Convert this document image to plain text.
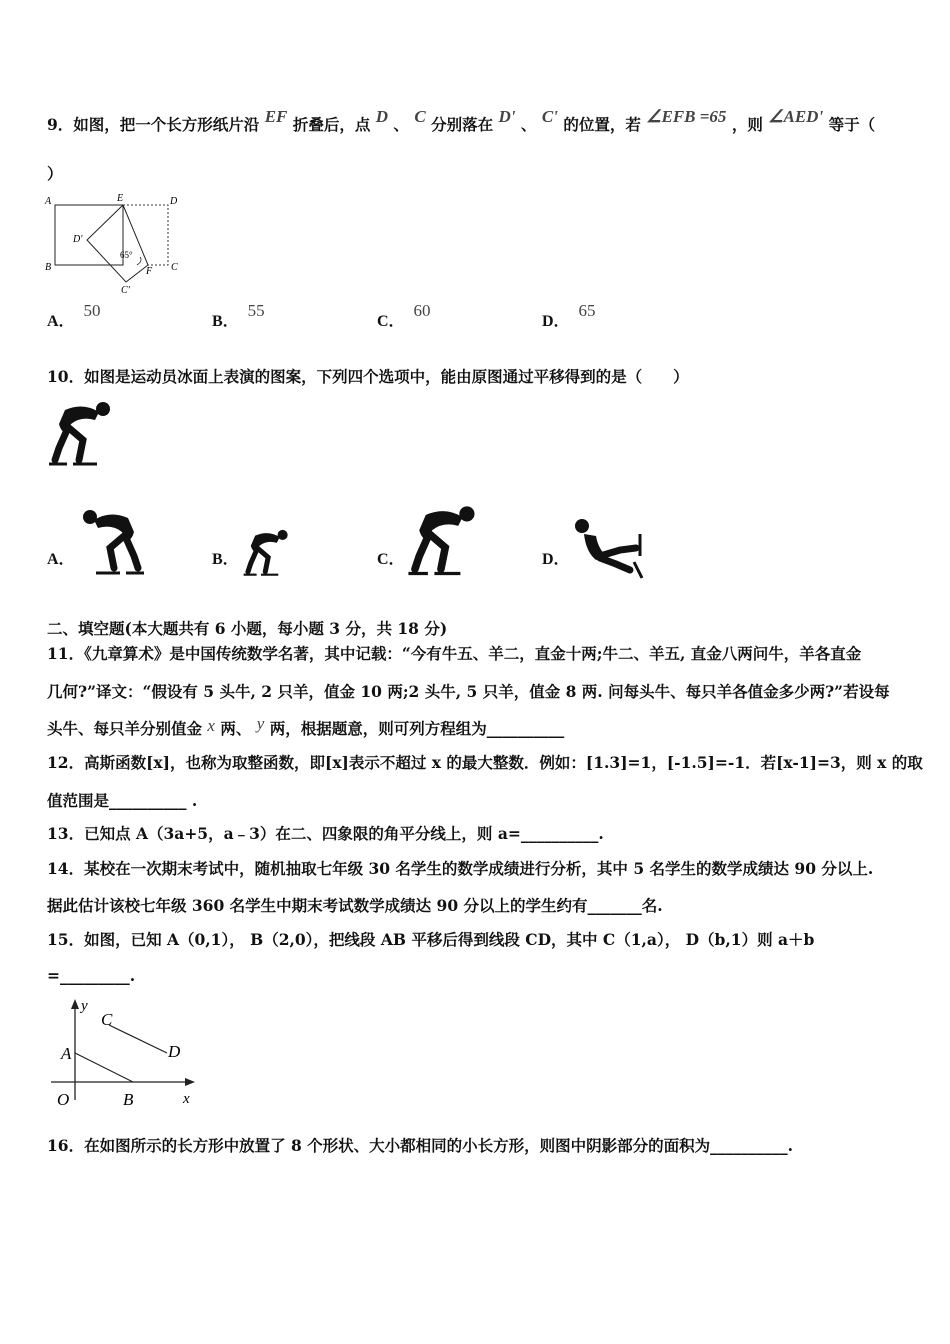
9．如图，把一个长方形纸片沿 EF 折叠后，点 D 、 C 分别落在 D' 、 C' 的位置，若 ∠EFB =65 ，则 ∠AED' 等于（
）
A	E	D
D'
B	F C
C'
65°
A． 50
B． 55
C． 60
D． 65
10．如图是运动员冰面上表演的图案，下列四个选项中，能由原图通过平移得到的是（　　）
A．	B．	C．	D．
二、填空题(本大题共有 6 小题，每小题 3 分，共 18 分)
11．《九章算术》是中国传统数学名著，其中记载：“今有牛五、羊二，直金十两;牛二、羊五, 直金八两问牛，羊各直金
几何?”译文：“假设有 5 头牛, 2 只羊，值金 10 两;2 头牛, 5 只羊，值金 8 两. 问每头牛、每只羊各值金多少两?”若设每
头牛、每只羊分别值金 x 两、 y 两，根据题意，则可列方程组为__________
12．高斯函数[x]，也称为取整函数，即[x]表示不超过 x 的最大整数．例如：[1.3]=1，[-1.5]=-1．若[x-1]=3，则 x 的取
值范围是__________ .
13．已知点 A（3a+5，a﹣3）在二、四象限的角平分线上，则 a=__________.
14．某校在一次期末考试中，随机抽取七年级 30 名学生的数学成绩进行分析，其中 5 名学生的数学成绩达 90 分以上.
据此估计该校七年级 360 名学生中期末考试数学成绩达 90 分以上的学生约有_______名.
15．如图，已知 A（0,1）， B（2,0），把线段 AB 平移后得到线段 CD，其中 C（1,a）， D（b,1）则 a＋b
=_________.
y
C
D
A
O	B	x
16．在如图所示的长方形中放置了 8 个形状、大小都相同的小长方形，则图中阴影部分的面积为__________.
